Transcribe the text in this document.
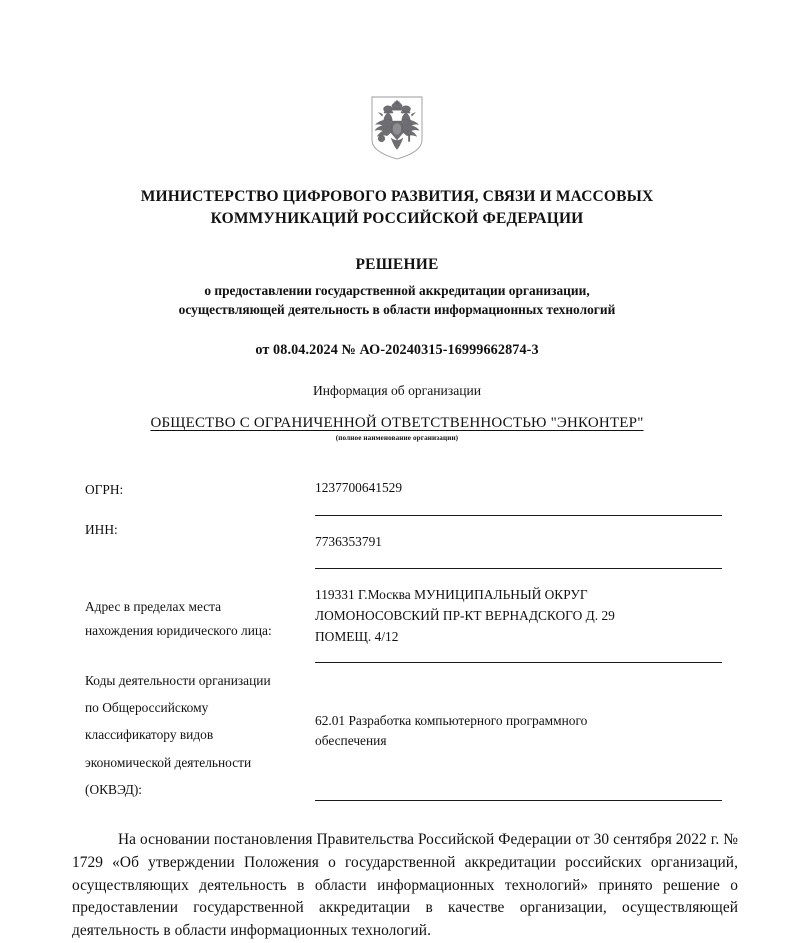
МИНИСТЕРСТВО ЦИФРОВОГО РАЗВИТИЯ, СВЯЗИ И МАССОВЫХ
КОММУНИКАЦИЙ РОССИЙСКОЙ ФЕДЕРАЦИИ
РЕШЕНИЕ
о предоставлении государственной аккредитации организации,
осуществляющей деятельность в области информационных технологий
от 08.04.2024 № АО-20240315-16999662874-3
Информация об организации
ОБЩЕСТВО С ОГРАНИЧЕННОЙ ОТВЕТСТВЕННОСТЬЮ "ЭНКОНТЕР"
(полное наименование организации)
ОГРН:	1237700641529
ИНН:
7736353791
Адрес в пределах места
нахождения юридического лица:
119331 Г.Москва МУНИЦИПАЛЬНЫЙ ОКРУГ
ЛОМОНОСОВСКИЙ ПР-КТ ВЕРНАДСКОГО Д. 29
ПОМЕЩ. 4/12
Коды деятельности организации
по Общероссийскому
классификатору видов
экономической деятельности
(ОКВЭД):
62.01 Разработка компьютерного программного
обеспечения

На основании постановления Правительства Российской Федерации от 30 сентября 2022 г. № 1729 «Об утверждении Положения о государственной аккредитации российских организаций, осуществляющих деятельность в области информационных технологий» принято решение о предоставлении государственной аккредитации в качестве организации, осуществляющей деятельность в области информационных технологий.
